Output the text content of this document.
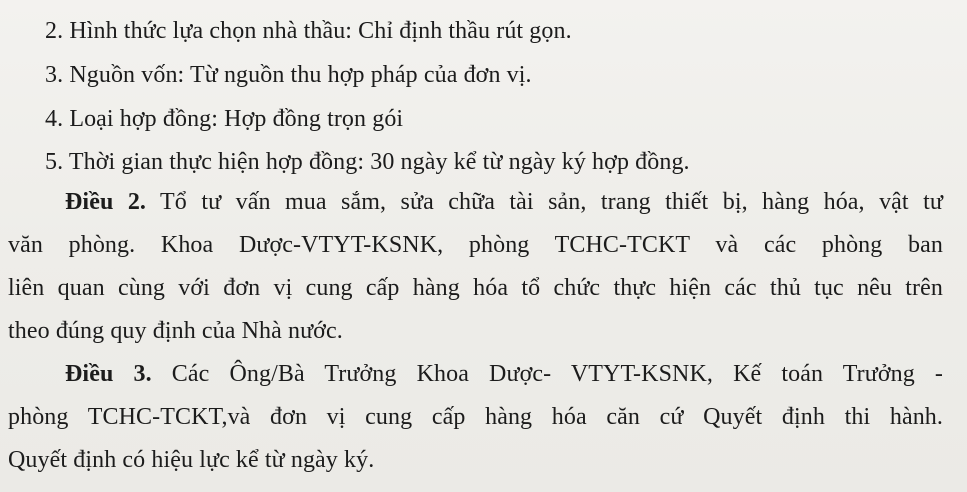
2. Hình thức lựa chọn nhà thầu: Chỉ định thầu rút gọn.
3. Nguồn vốn: Từ nguồn thu hợp pháp của đơn vị.
4. Loại hợp đồng: Hợp đồng trọn gói
5. Thời gian thực hiện hợp đồng: 30 ngày kể từ ngày ký hợp đồng.
Điều 2. Tổ tư vấn mua sắm, sửa chữa tài sản, trang thiết bị, hàng hóa, vật tư
văn phòng. Khoa Dược-VTYT-KSNK, phòng TCHC-TCKT và các phòng ban
liên quan cùng với đơn vị cung cấp hàng hóa tổ chức thực hiện các thủ tục nêu trên
theo đúng quy định của Nhà nước.
Điều 3. Các Ông/Bà Trưởng Khoa Dược- VTYT-KSNK, Kế toán Trưởng -
phòng TCHC-TCKT,và đơn vị cung cấp hàng hóa căn cứ Quyết định thi hành.
Quyết định có hiệu lực kể từ ngày ký.
